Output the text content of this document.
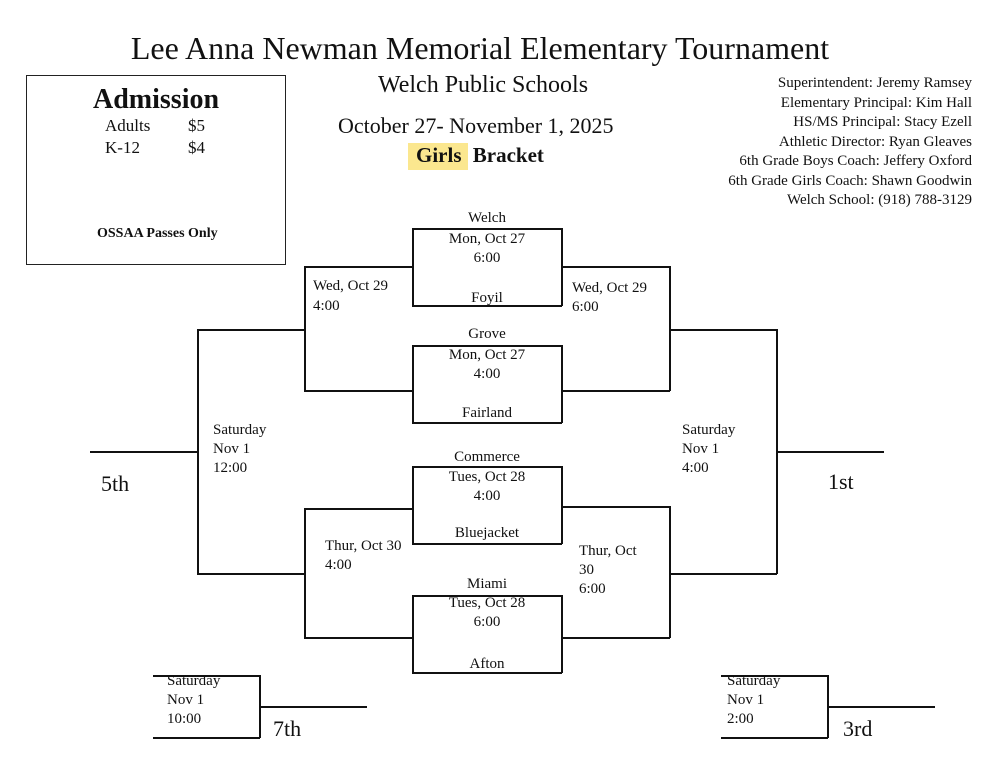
Lee Anna Newman Memorial Elementary Tournament
Welch Public Schools
October 27- November 1, 2025
Girls Bracket
Admission
Adults $5
K-12	$4
OSSAA Passes Only
Superintendent: Jeremy Ramsey
Elementary Principal: Kim Hall
HS/MS Principal: Stacy Ezell
Athletic Director: Ryan Gleaves
6th Grade Boys Coach: Jeffery Oxford
6th Grade Girls Coach: Shawn Goodwin
Welch School: (918) 788-3129
Welch
Mon, Oct 27
6:00
Foyil
Grove
Mon, Oct 27
4:00
Fairland
Commerce
Tues, Oct 28
4:00
Bluejacket
Miami
Tues, Oct 28
6:00
Afton
Wed, Oct 29
4:00
Wed, Oct 29
6:00
Thur, Oct 30
4:00
Thur, Oct
30
6:00
Saturday
Nov 1
12:00
5th
Saturday
Nov 1
4:00
1st
Saturday
Nov 1
10:00	7th
Saturday
Nov 1
2:00	3rd
